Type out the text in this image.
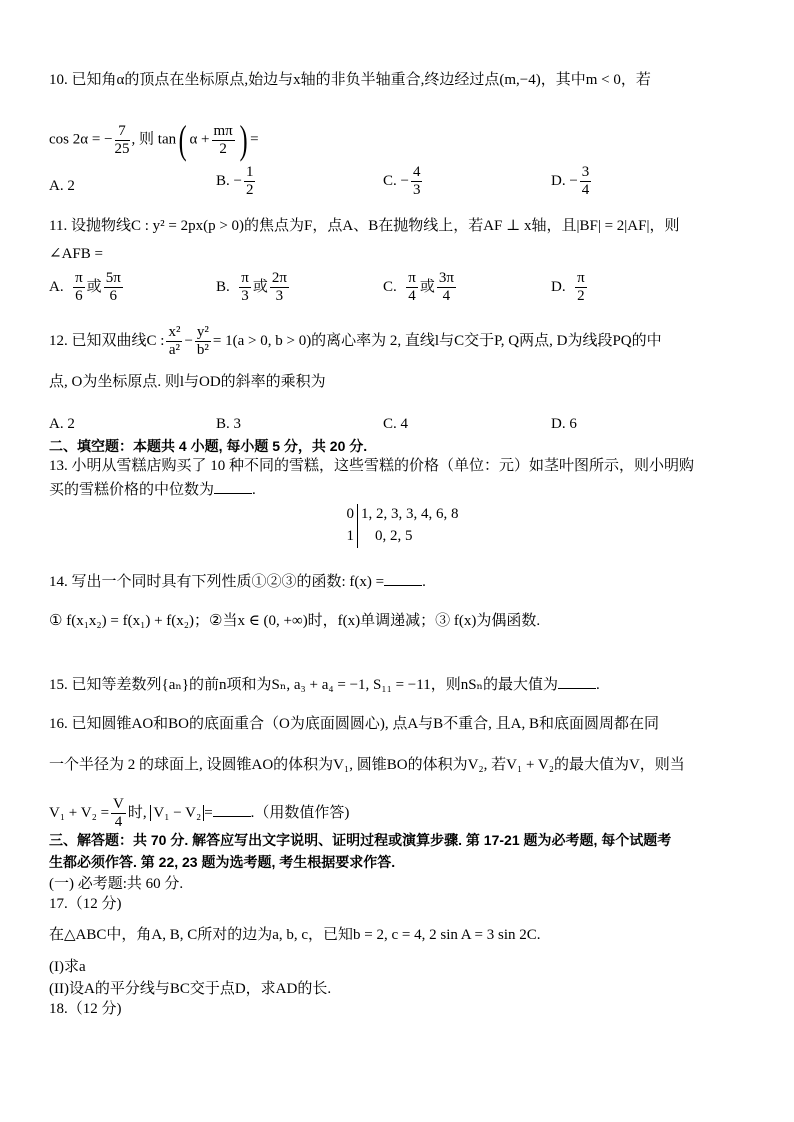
10. 已知角α的顶点在坐标原点,始边与x轴的非负半轴重合,终边经过点(m,−4)，其中m < 0，若
cos 2α = − $\frac{7}{25}$ , 则 tan( $\alpha + \frac{m\pi}{2}$ ) =
A. 2	B. − $\frac{1}{2}$	C. − $\frac{4}{3}$	D. − $\frac{3}{4}$
11. 设抛物线C : y² = 2px(p > 0)的焦点为F，点A、B在抛物线上，若AF ⊥ x轴，且|BF| = 2|AF|，则
∠AFB =
A. $\frac{\pi}{6}$ 或 $\frac{5\pi}{6}$	B. $\frac{\pi}{3}$ 或 $\frac{2\pi}{3}$	C. $\frac{\pi}{4}$ 或 $\frac{3\pi}{4}$	D. $\frac{\pi}{2}$
12. 已知双曲线C : $\frac{\text{x²}}{\text{a²}} - \frac{\text{y²}}{\text{b²}} = 1(a > 0$, b > 0)的离心率为 2, 直线l与C交于P, Q两点, D为线段PQ的中
点, O为坐标原点. 则l与OD的斜率的乘积为
A. 2	B. 3	C. 4	D. 6
二、填空题：本题共 4 小题, 每小题 5 分，共 20 分.
13. 小明从雪糕店购买了 10 种不同的雪糕，这些雪糕的价格（单位：元）如茎叶图所示，则小明购
买的雪糕价格的中位数为	.
0 1, 2, 3, 3, 4, 6, 8
1 0, 2, 5
14. 写出一个同时具有下列性质①②③的函数: f(x) =	.
① f(x₁x₂) = f(x₁) + f(x₂)；②当x ∈ (0, +∞)时，f(x)单调递减；③ f(x)为偶函数.
15. 已知等差数列{aₙ}的前n项和为Sₙ, a₃ + a₄ = −1, S₁₁ = −11，则nSₙ的最大值为	.
16. 已知圆锥AO和BO的底面重合（O为底面圆圆心), 点A与B不重合, 且A, B和底面圆周都在同
一个半径为 2 的球面上, 设圆锥AO的体积为V₁, 圆锥BO的体积为V₂, 若V₁ + V₂的最大值为V，则当
$V_1 + V_2 = \frac{V}{4}$ 时, V₁ − V₂ =	.（用数值作答)
三、解答题：共 70 分. 解答应写出文字说明、证明过程或演算步骤. 第 17-21 题为必考题, 每个试题考
生都必须作答. 第 22, 23 题为选考题, 考生根据要求作答.
(一) 必考题:共 60 分.
17.（12 分)
在△ABC中，角A, B, C所对的边为a, b, c，已知b = 2, c = 4, 2 sin A = 3 sin 2C.
(I)求a
(II)设A的平分线与BC交于点D，求AD的长.
18.（12 分)
